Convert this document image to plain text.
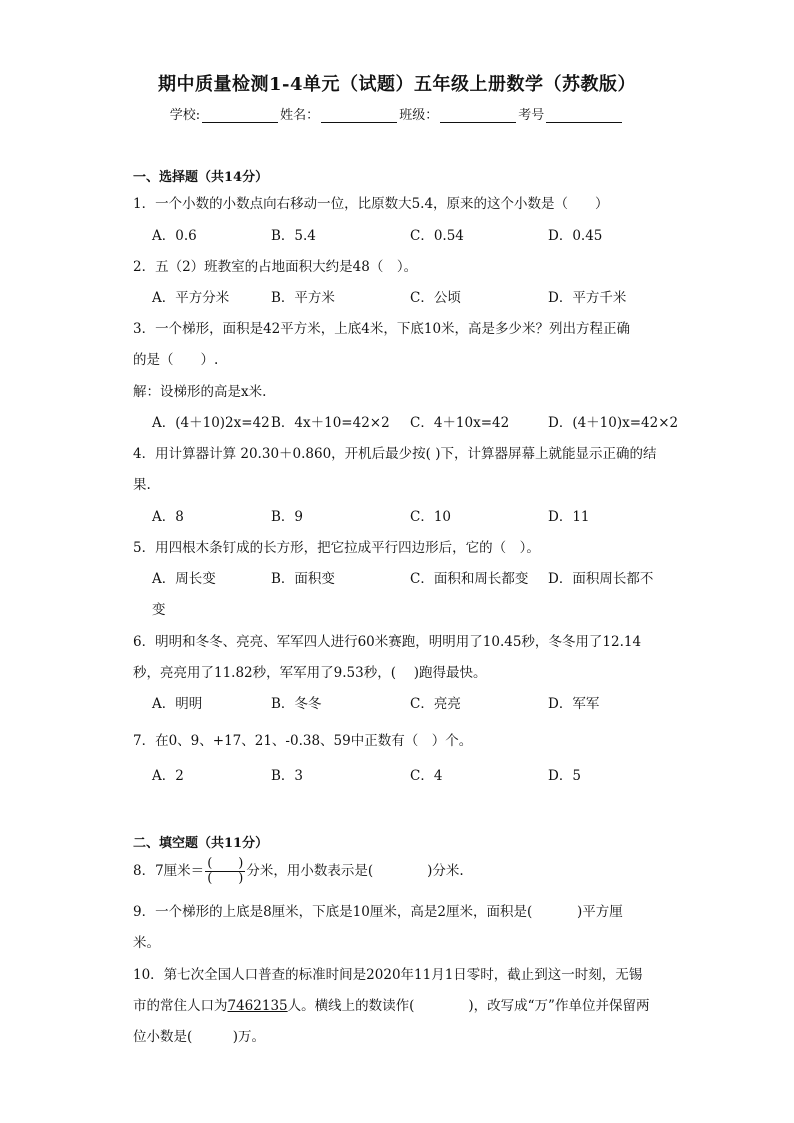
期中质量检测1-4单元（试题）五年级上册数学（苏教版）
学校:	姓名：	班级：	考号
一、选择题（共14分）
1．一个小数的小数点向右移动一位，比原数大5.4，原来的这个小数是（　　）
A．0.6	B．5.4	C．0.54	D．0.45
2．五（2）班教室的占地面积大约是48（　）。
A．平方分米	B．平方米	C．公顷	D．平方千米
3．一个梯形，面积是42平方米，上底4米，下底10米，高是多少米？列出方程正确
的是（　　）.
解：设梯形的高是x米.
A．(4＋10)2x=42 B．4x＋10=42×2 C．4＋10x=42	D．(4＋10)x=42×2
4．用计算器计算 20.30＋0.860，开机后最少按( )下，计算器屏幕上就能显示正确的结
果.
A．8	B．9	C．10	D．11
5．用四根木条钉成的长方形，把它拉成平行四边形后，它的（　）。
A．周长变	B．面积变	C．面积和周长都变 D．面积周长都不
变
6．明明和冬冬、亮亮、军军四人进行60米赛跑，明明用了10.45秒，冬冬用了12.14
秒，亮亮用了11.82秒，军军用了9.53秒，(　 )跑得最快。
A．明明	B．冬冬	C．亮亮	D．军军
7．在0、9、+17、21、-0.38、59中正数有（　）个。
A．2	B．3	C．4	D．5
二、填空题（共11分）
8．7厘米＝ $\frac{( )}{( )}$ 分米，用小数表示是(　　　　)分米.
9．一个梯形的上底是8厘米，下底是10厘米，高是2厘米，面积是(　　　 )平方厘
米。
10．第七次全国人口普查的标准时间是2020年11月1日零时，截止到这一时刻，无锡
市的常住人口为7462135人。横线上的数读作(　　　　)，改写成“万”作单位并保留两
位小数是(　　　)万。
